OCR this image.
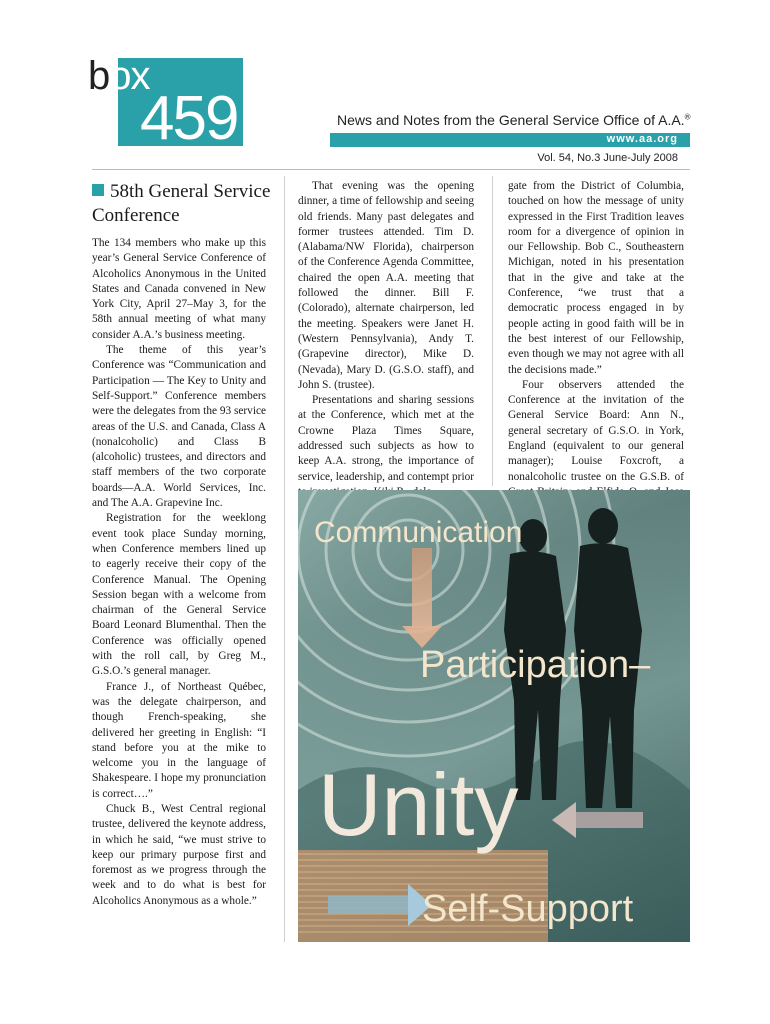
box
459	News and Notes from the General Service Office of A.A.®
www.aa.org
Vol. 54, No.3 June-July 2008
58th General Service Conference

The 134 members who make up this year’s General Service Conference of Alcoholics Anonymous in the United States and Canada convened in New York City, April 27–May 3, for the 58th annual meeting of what many consider A.A.’s business meeting.

The theme of this year’s Conference was “Communication and Participation — The Key to Unity and Self-Support.” Conference members were the delegates from the 93 service areas of the U.S. and Canada, Class A (nonalcoholic) and Class B (alcoholic) trustees, and directors and staff members of the two corporate boards—A.A. World Services, Inc. and The A.A. Grapevine Inc.

Registration for the weeklong event took place Sunday morning, when Conference members lined up to eagerly receive their copy of the Conference Manual. The Opening Session began with a welcome from chairman of the General Service Board Leonard Blumenthal. Then the Conference was officially opened with the roll call, by Greg M., G.S.O.’s general manager.

France J., of Northeast Québec, was the delegate chairperson, and though French-speaking, she delivered her greeting in English: “I stand before you at the mike to welcome you in the language of Shakespeare. I hope my pronunciation is correct….”

Chuck B., West Central regional trustee, delivered the keynote address, in which he said, “we must strive to keep our primary purpose first and foremost as we progress through the week and to do what is best for Alcoholics Anonymous as a whole.”

That evening was the opening dinner, a time of fellowship and seeing old friends. Many past delegates and former trustees attended. Tim D. (Alabama/NW Florida), chairperson of the Conference Agenda Committee, chaired the open A.A. meeting that followed the dinner. Bill F. (Colorado), alternate chairperson, led the meeting. Speakers were Janet H. (Western Pennsylvania), Andy T. (Grapevine director), Mike D. (Nevada), Mary D. (G.S.O. staff), and John S. (trustee).

Presentations and sharing sessions at the Conference, which met at the Crowne Plaza Times Square, addressed such subjects as how to keep A.A. strong, the importance of service, leadership, and contempt prior

gate from the District of Columbia, touched on how the message of unity expressed in the First Tradition leaves room for a divergence of opinion in our Fellowship. Bob C., Southeastern Michigan, noted in his presentation that in the give and take at the Conference, “we trust that a democratic process engaged in by people acting in good faith will be in the best interest of our Fellowship, even though we may not agree with all the decisions made.”

Four observers attended the Conference at the invitation of the General Service Board: Ann N., general secretary of G.S.O. in York, England (equivalent to our general manager); Louise Foxcroft, a nonalcoholic trustee on the G.S.B. of

Communication
Participation–
Unity
Self-Support
